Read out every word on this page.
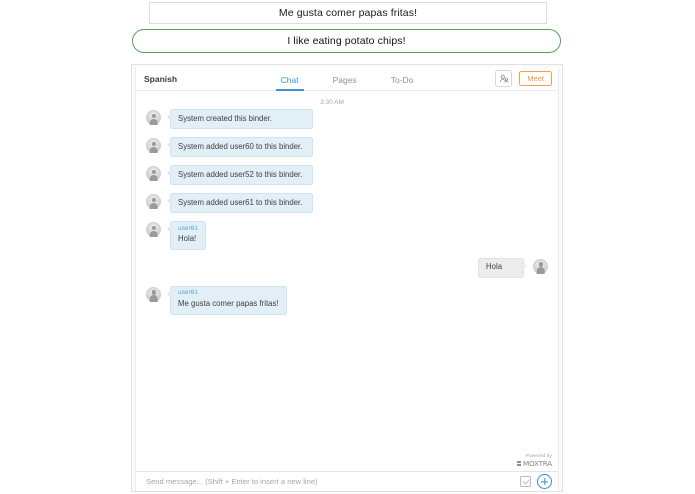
Me gusta comer papas fritas!
I like eating potato chips!
Spanish	Chat	Pages	To-Do	Meet
3:30 AM
System created this binder.
System added user60 to this binder.
System added user52 to this binder.
System added user61 to this binder.
user61
Hola!
Hola
user61
Me gusta comer papas fritas!
Powered by
MOXTRA
Send message... (Shift + Enter to insert a new line)
